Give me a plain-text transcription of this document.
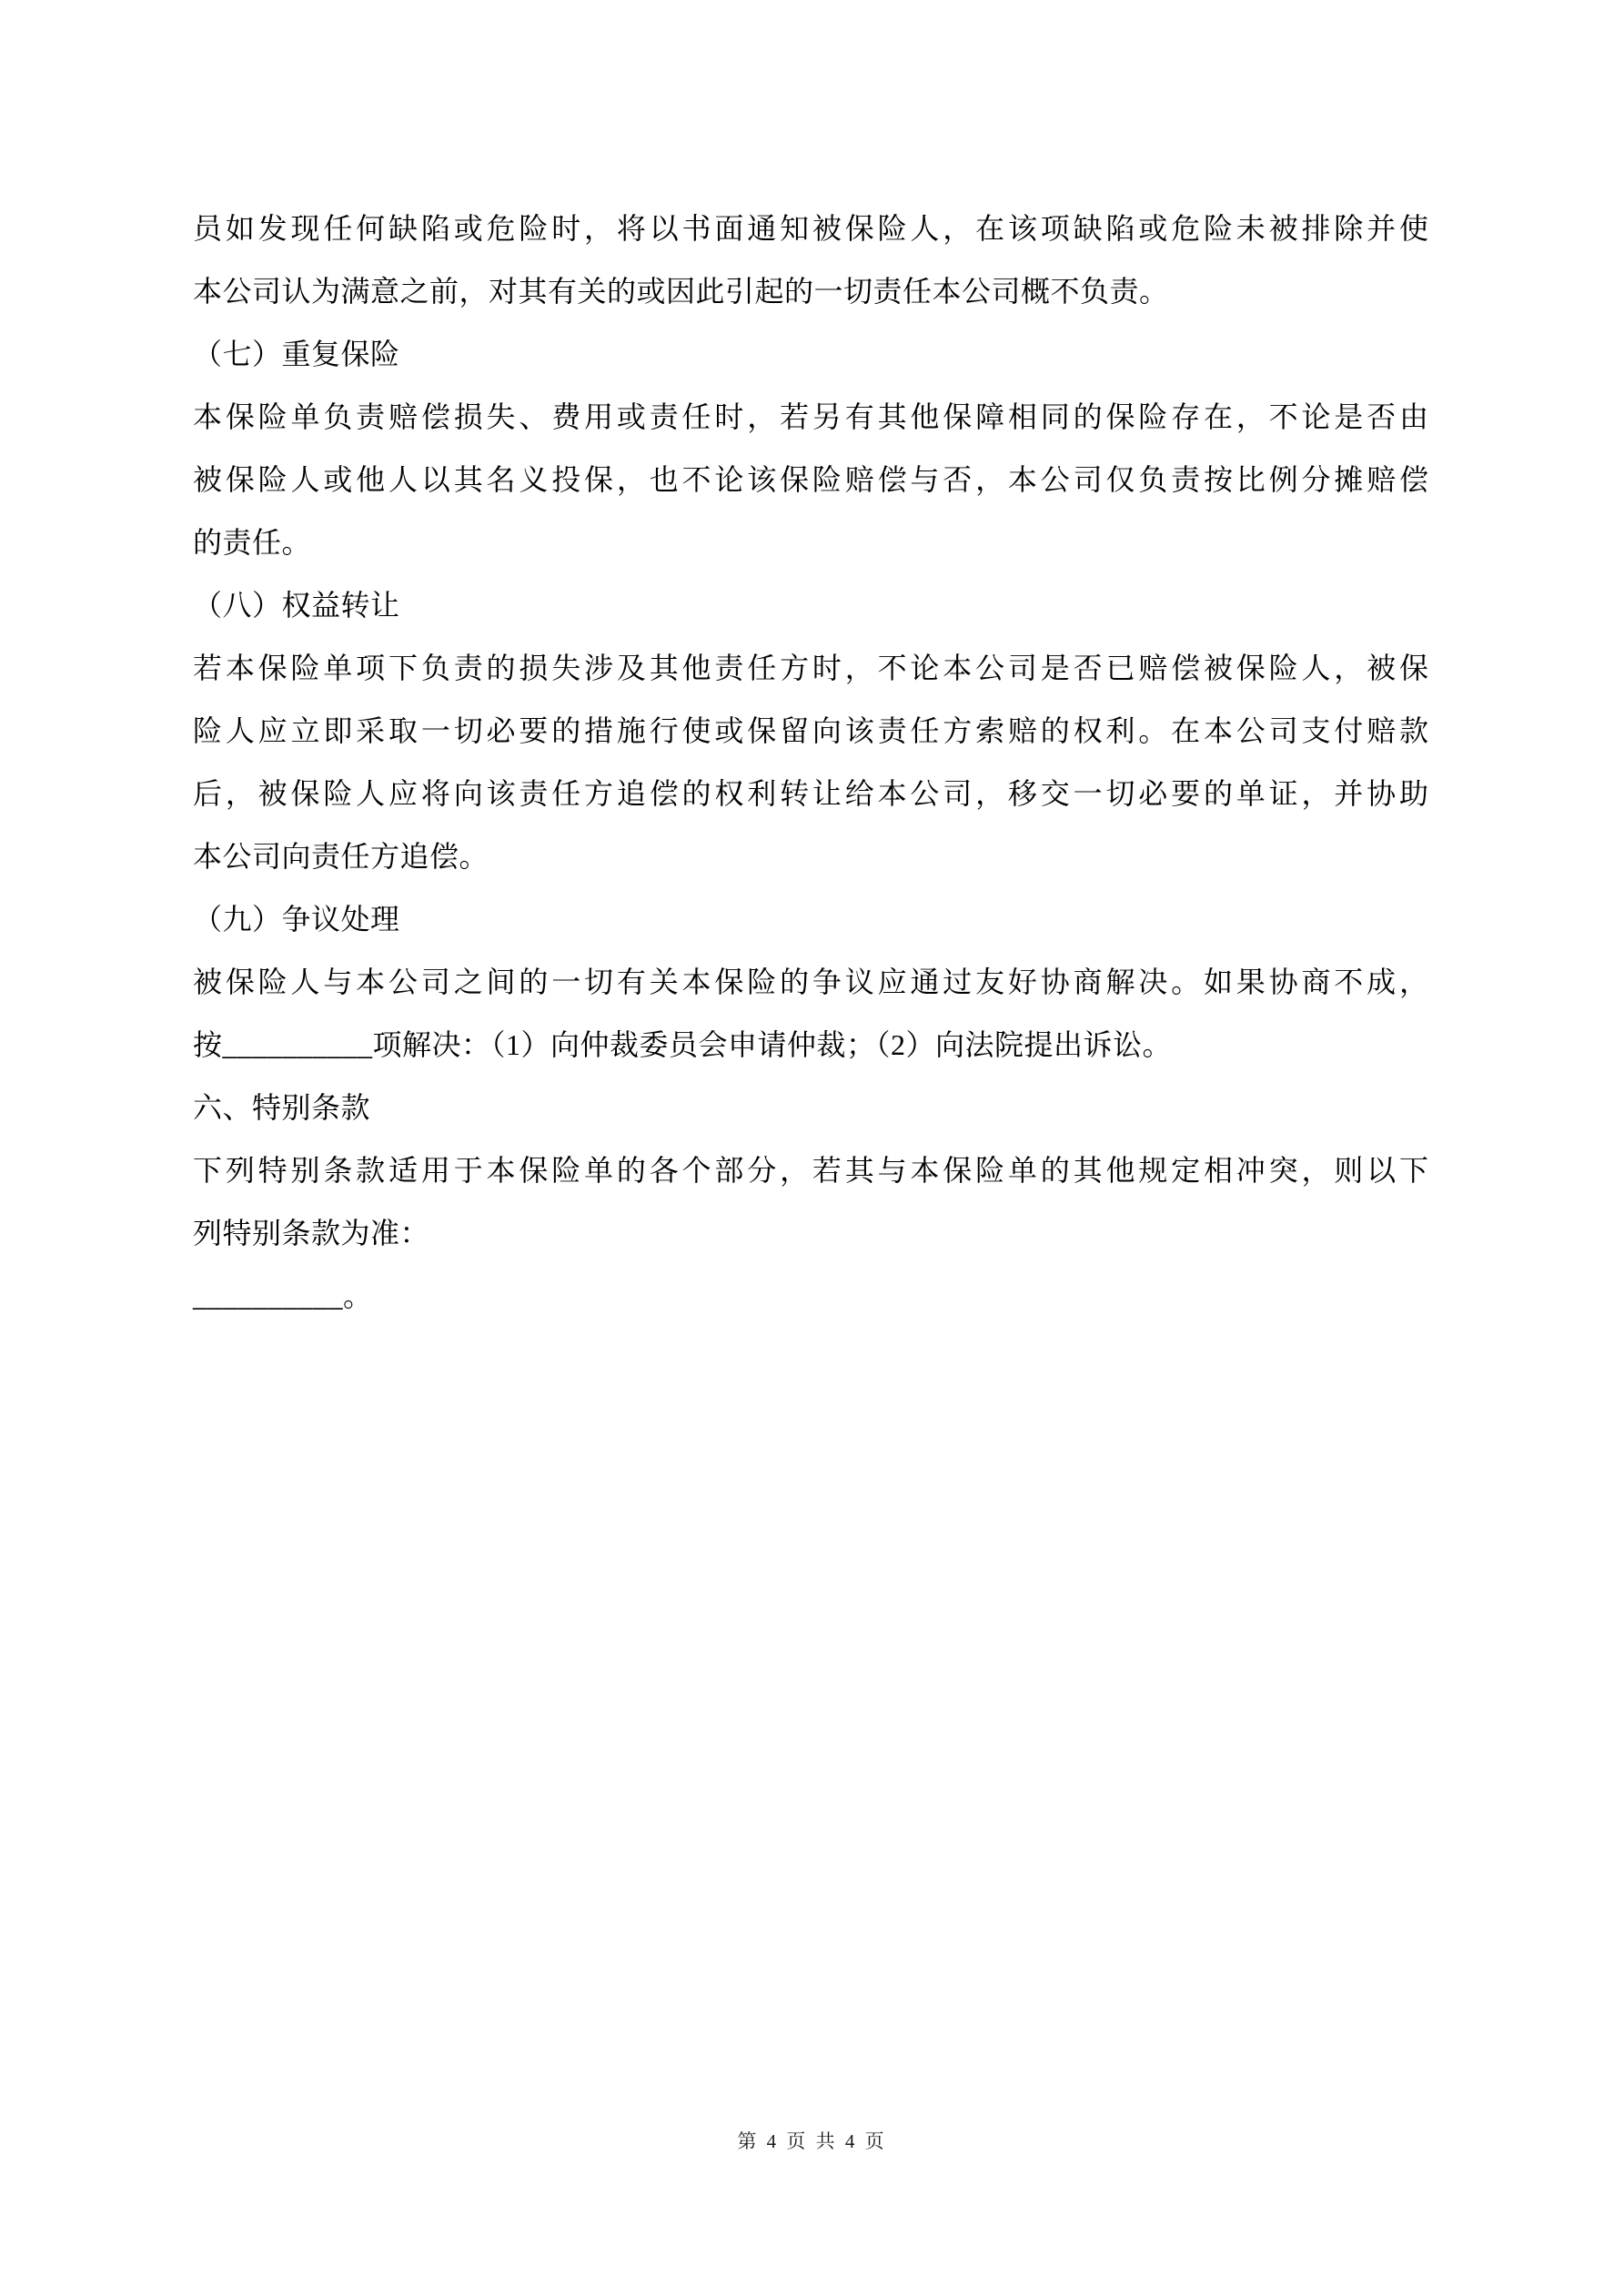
员如发现任何缺陷或危险时，将以书面通知被保险人，在该项缺陷或危险未被排除并使
本公司认为满意之前，对其有关的或因此引起的一切责任本公司概不负责。
（七）重复保险
本保险单负责赔偿损失、费用或责任时，若另有其他保障相同的保险存在，不论是否由
被保险人或他人以其名义投保，也不论该保险赔偿与否，本公司仅负责按比例分摊赔偿
的责任。
（八）权益转让
若本保险单项下负责的损失涉及其他责任方时，不论本公司是否已赔偿被保险人，被保
险人应立即采取一切必要的措施行使或保留向该责任方索赔的权利。在本公司支付赔款
后，被保险人应将向该责任方追偿的权利转让给本公司，移交一切必要的单证，并协助
本公司向责任方追偿。
（九）争议处理
被保险人与本公司之间的一切有关本保险的争议应通过友好协商解决。如果协商不成，
按__________项解决：（1）向仲裁委员会申请仲裁；（2）向法院提出诉讼。
六、特别条款
下列特别条款适用于本保险单的各个部分，若其与本保险单的其他规定相冲突，则以下
列特别条款为准：
__________。
第 4 页 共 4 页
